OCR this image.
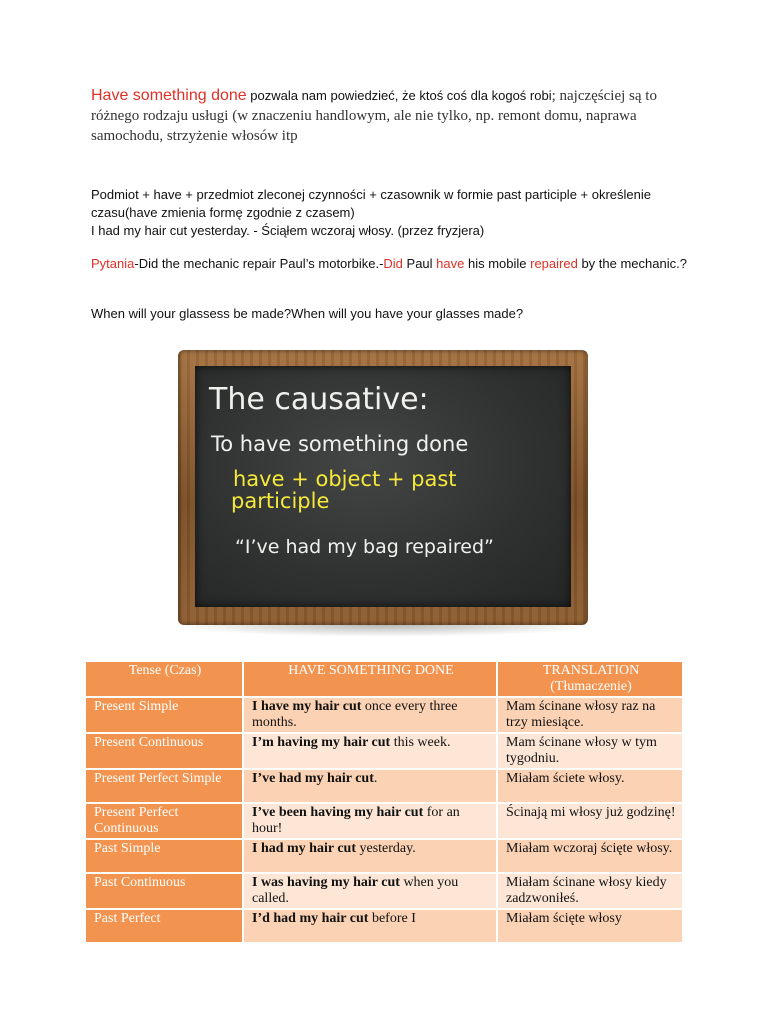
Have something done pozwala nam powiedzieć, że ktoś coś dla kogoś robi; najczęściej są to różnego rodzaju usługi (w znaczeniu handlowym, ale nie tylko, np. remont domu, naprawa samochodu, strzyżenie włosów itp
Podmiot + have + przedmiot zleconej czynności + czasownik w formie past participle + określenie czasu(have zmienia formę zgodnie z czasem)
I had my hair cut yesterday. - Ściąłem wczoraj włosy. (przez fryzjera)
Pytania-Did the mechanic repair Paul’s motorbike.-Did Paul have his mobile repaired by the mechanic.?
When will your glassess be made?When will you have your glasses made?
The causative:
To have something done
have + object + past
participle
“I’ve had my bag repaired”
Tense (Czas)	HAVE SOMETHING DONE	TRANSLATION (Tłumaczenie)
Present Simple	I have my hair cut once every three months.	Mam ścinane włosy raz na trzy miesiące.
Present Continuous	I’m having my hair cut this week.	Mam ścinane włosy w tym tygodniu.
Present Perfect Simple	I’ve had my hair cut.	Miałam ściete włosy.
Present Perfect Continuous	I’ve been having my hair cut for an hour!	Ścinają mi włosy już godzinę!
Past Simple	I had my hair cut yesterday.	Miałam wczoraj ścięte włosy.
Past Continuous	I was having my hair cut when you called.	Miałam ścinane włosy kiedy zadzwoniłeś.
Past Perfect	I’d had my hair cut before I	Miałam ścięte włosy
